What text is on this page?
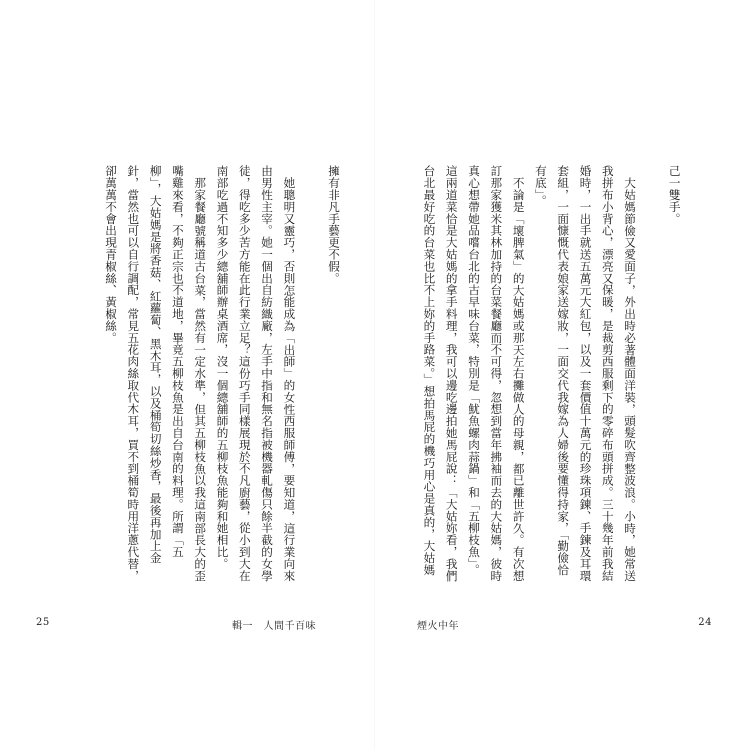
擁有非凡手藝更不假。

她聰明又靈巧，否則怎能成為「出師」的女性西服師傅，要知道，這行業向來由男性主宰。她一個出自紡織廠，左手中指和無名指被機器軋傷只餘半截的女學徒，得吃多少苦方能在此行業立足？這份巧手同樣展現於不凡廚藝，從小到大在南部吃過不知多少總舖師辦桌酒席，沒一個總舖師的五柳枝魚能夠和她相比。

那家餐廳號稱道古台菜，當然有一定水準，但其五柳枝魚以我這南部長大的歪嘴雞來看，不夠正宗也不道地，畢竟五柳枝魚是出自台南的料理。所謂「五柳」，大姑媽是將香菇、紅蘿蔔、黑木耳，以及桶筍切絲炒香，最後再加上金針，當然也可以自行調配，常見五花肉絲取代木耳，買不到桶筍時用洋蔥代替，卻萬萬不會出現青椒絲、黃椒絲。

25	輯一　人間千百味

己一雙手。

大姑媽節儉又愛面子，外出時必著體面洋裝，頭髮吹齊整波浪。小時，她常送我拼布小背心，漂亮又保暖，是裁剪西服剩下的零碎布頭拼成。三十幾年前我結婚時，一出手就送五萬元大紅包，以及一套價值十萬元的珍珠項鍊、手鍊及耳環套組，一面慷慨代表娘家送嫁妝，一面交代我嫁為人婦後要懂得持家，「勤儉恰有底」。

不論是「壞脾氣」的大姑媽或那天左右攤做人的母親，都已離世許久。有次想訂那家獲米其林加持的台菜餐廳而不可得，忽想到當年拂袖而去的大姑媽，彼時真心想帶她品嚐台北的古早味台菜，特別是「魷魚螺肉蒜鍋」和「五柳枝魚」。這兩道菜恰是大姑媽的拿手料理，我可以邊吃邊拍她馬屁說：「大姑妳看，我們台北最好吃的台菜也比不上妳的手路菜。」想拍馬屁的機巧用心是真的，大姑媽

煙火中年	24
